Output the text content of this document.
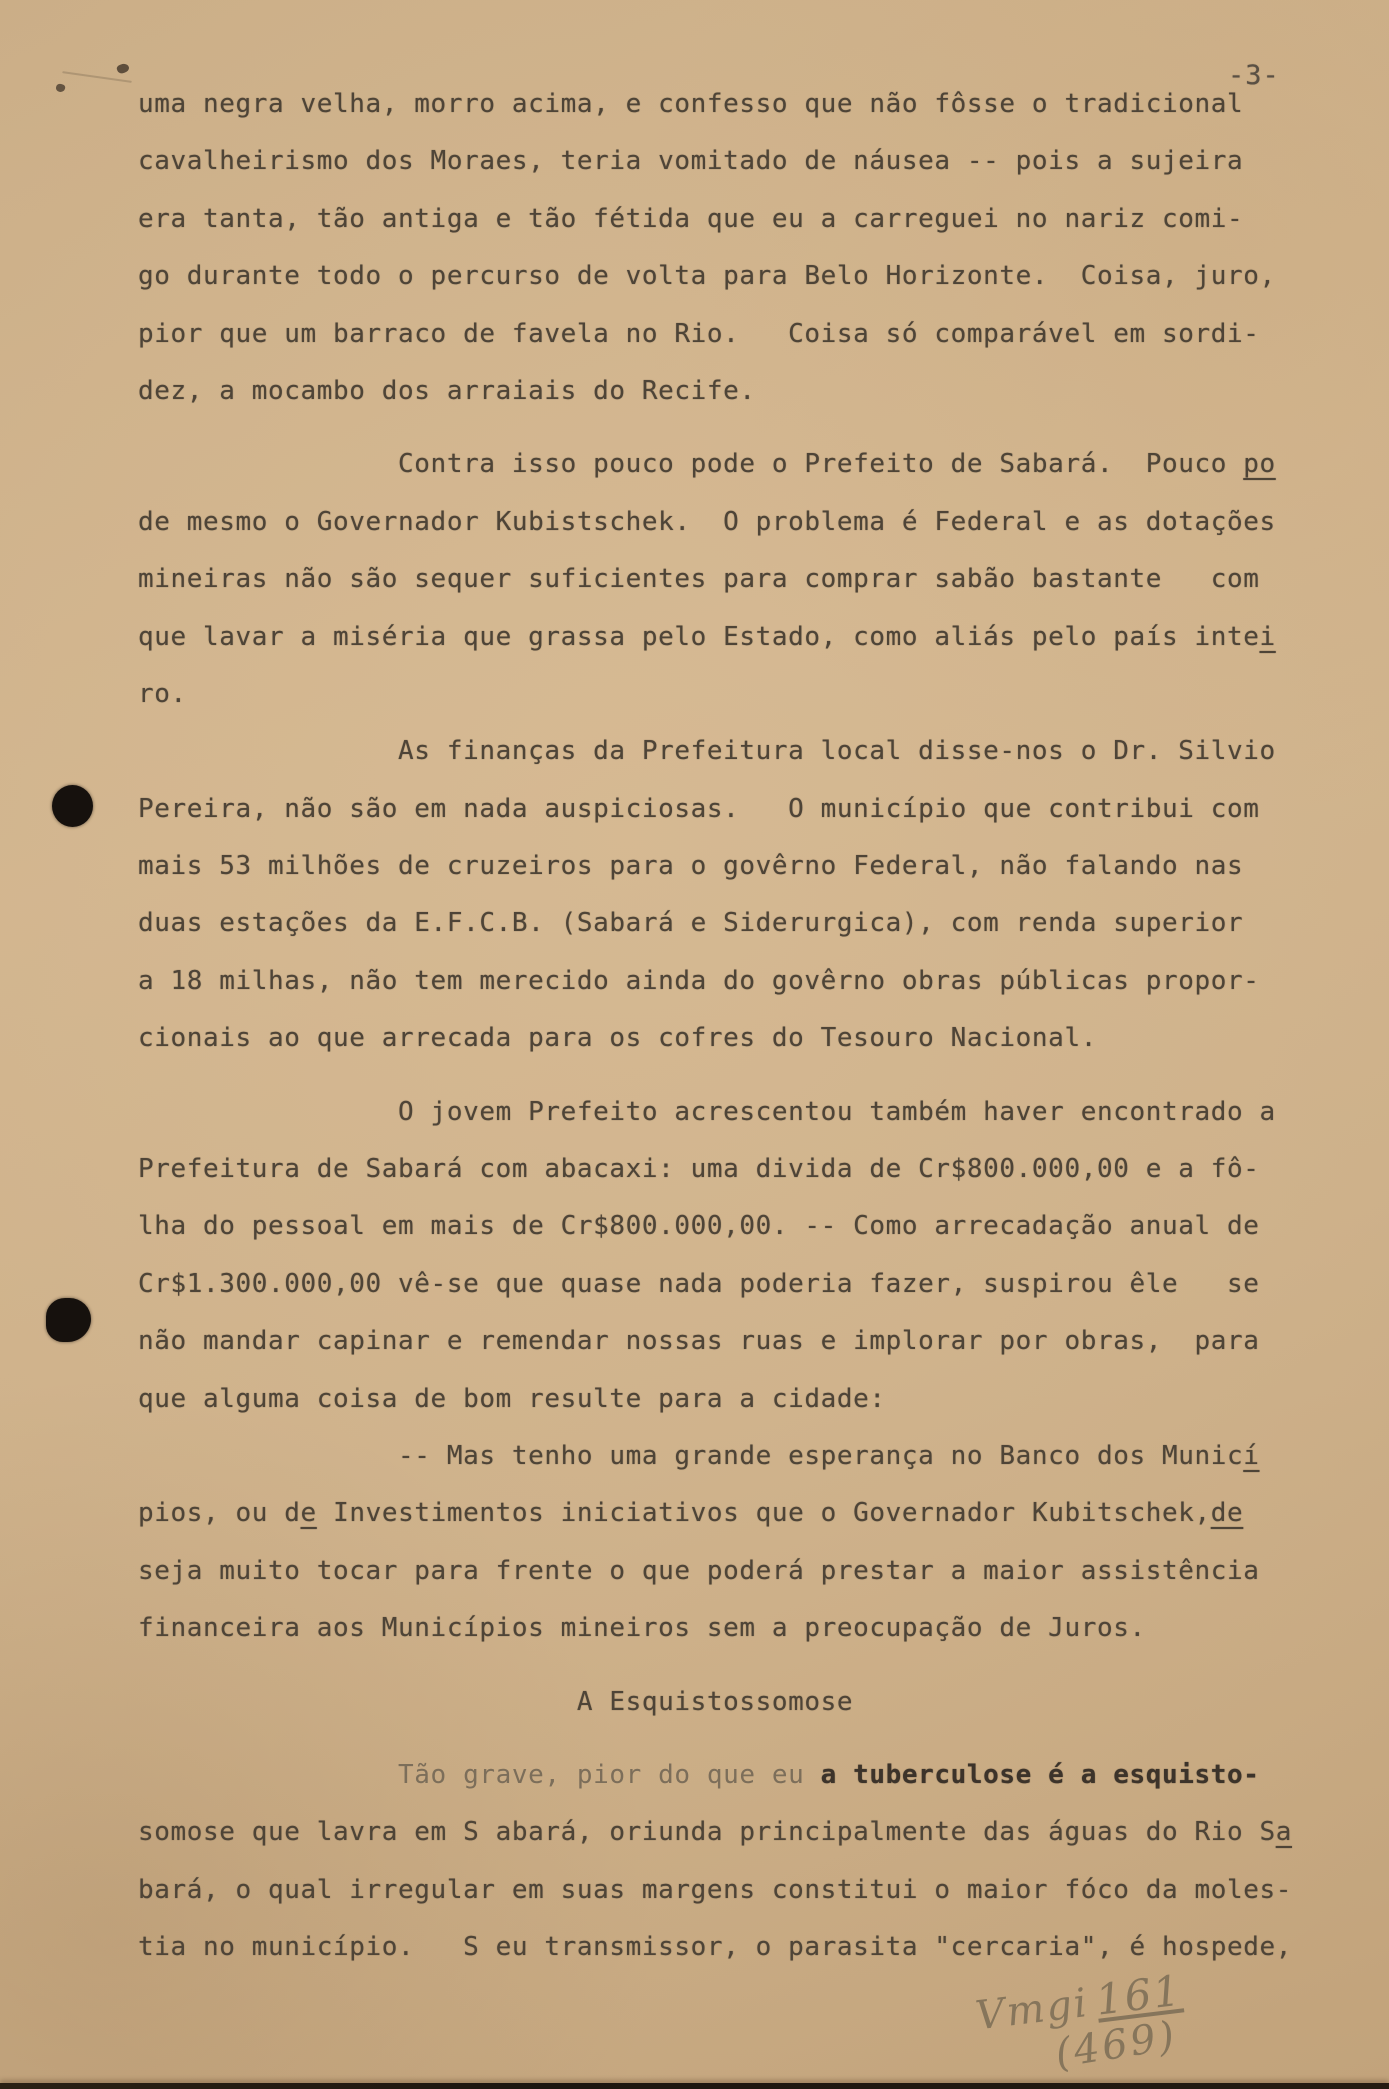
-3-
uma negra velha, morro acima, e confesso que não fôsse o tradicional
cavalheirismo dos Moraes, teria vomitado de náusea -- pois a sujeira
era tanta, tão antiga e tão fétida que eu a carreguei no nariz comi-
go durante todo o percurso de volta para Belo Horizonte.  Coisa, juro,
pior que um barraco de favela no Rio.   Coisa só comparável em sordi-
dez, a mocambo dos arraiais do Recife.
Contra isso pouco pode o Prefeito de Sabará.  Pouco po
de mesmo o Governador Kubistschek.  O problema é Federal e as dotações
mineiras não são sequer suficientes para comprar sabão bastante   com
que lavar a miséria que grassa pelo Estado, como aliás pelo país intei
ro.
As finanças da Prefeitura local disse-nos o Dr. Silvio
Pereira, não são em nada auspiciosas.   O município que contribui com
mais 53 milhões de cruzeiros para o govêrno Federal, não falando nas
duas estações da E.F.C.B. (Sabará e Siderurgica), com renda superior
a 18 milhas, não tem merecido ainda do govêrno obras públicas propor-
cionais ao que arrecada para os cofres do Tesouro Nacional.
O jovem Prefeito acrescentou também haver encontrado a
Prefeitura de Sabará com abacaxi: uma divida de Cr$800.000,00 e a fô-
lha do pessoal em mais de Cr$800.000,00. -- Como arrecadação anual de
Cr$1.300.000,00 vê-se que quase nada poderia fazer, suspirou êle   se
não mandar capinar e remendar nossas ruas e implorar por obras,  para
que alguma coisa de bom resulte para a cidade:
-- Mas tenho uma grande esperança no Banco dos Municí
pios, ou de Investimentos iniciativos que o Governador Kubitschek,de
seja muito tocar para frente o que poderá prestar a maior assistência
financeira aos Municípios mineiros sem a preocupação de Juros.
A Esquistossomose
Tão grave, pior do que eu a tuberculose é a esquisto-
somose que lavra em S abará, oriunda principalmente das águas do Rio Sa
bará, o qual irregular em suas margens constitui o maior fóco da moles-
tia no município.   S eu transmissor, o parasita "cercaria", é hospede,
Vmgi161
(469)
